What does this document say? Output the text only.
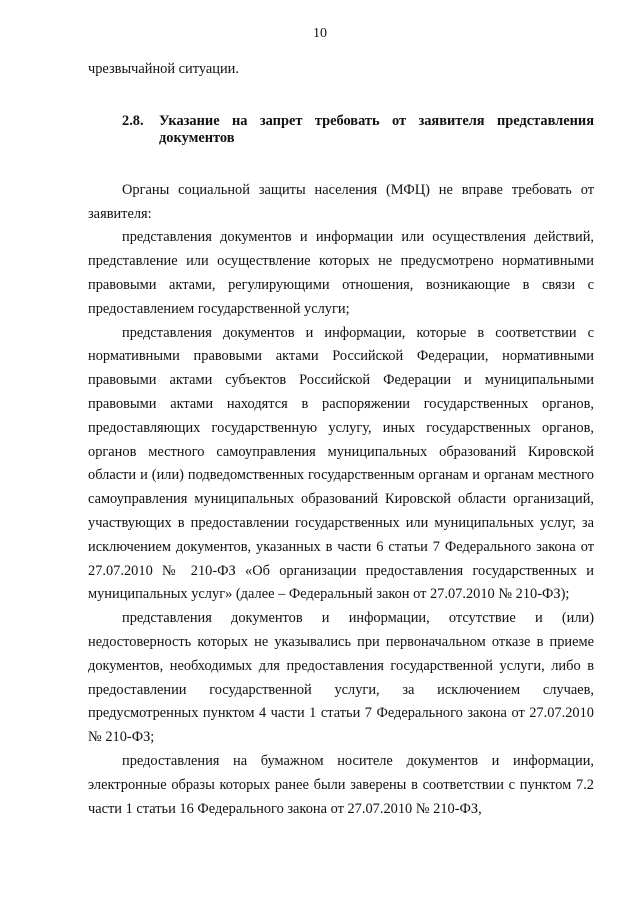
10

чрезвычайной ситуации.

2.8.	Указание на запрет требовать от заявителя представления документов

Органы социальной защиты населения (МФЦ) не вправе требовать от заявителя:

представления документов и информации или осуществления действий, представление или осуществление которых не предусмотрено нормативными правовыми актами, регулирующими отношения, возникающие в связи с предоставлением государственной услуги;

представления документов и информации, которые в соответствии с нормативными правовыми актами Российской Федерации, нормативными правовыми актами субъектов Российской Федерации и муниципальными правовыми актами находятся в распоряжении государственных органов, предоставляющих государственную услугу, иных государственных органов, органов местного самоуправления муниципальных образований Кировской области и (или) подведомственных государственным органам и органам местного самоуправления муниципальных образований Кировской области организаций, участвующих в предоставлении государственных или муниципальных услуг, за исключением документов, указанных в части 6 статьи 7 Федерального закона от 27.07.2010 № 210-ФЗ «Об организации предоставления государственных и муниципальных услуг» (далее – Федеральный закон от 27.07.2010 № 210-ФЗ);

представления документов и информации, отсутствие и (или) недостоверность которых не указывались при первоначальном отказе в приеме документов, необходимых для предоставления государственной услуги, либо в предоставлении государственной услуги, за исключением случаев, предусмотренных пунктом 4 части 1 статьи 7 Федерального закона от 27.07.2010 № 210-ФЗ;

предоставления на бумажном носителе документов и информации, электронные образы которых ранее были заверены в соответствии с пунктом 7.2 части 1 статьи 16 Федерального закона от 27.07.2010 № 210-ФЗ,
